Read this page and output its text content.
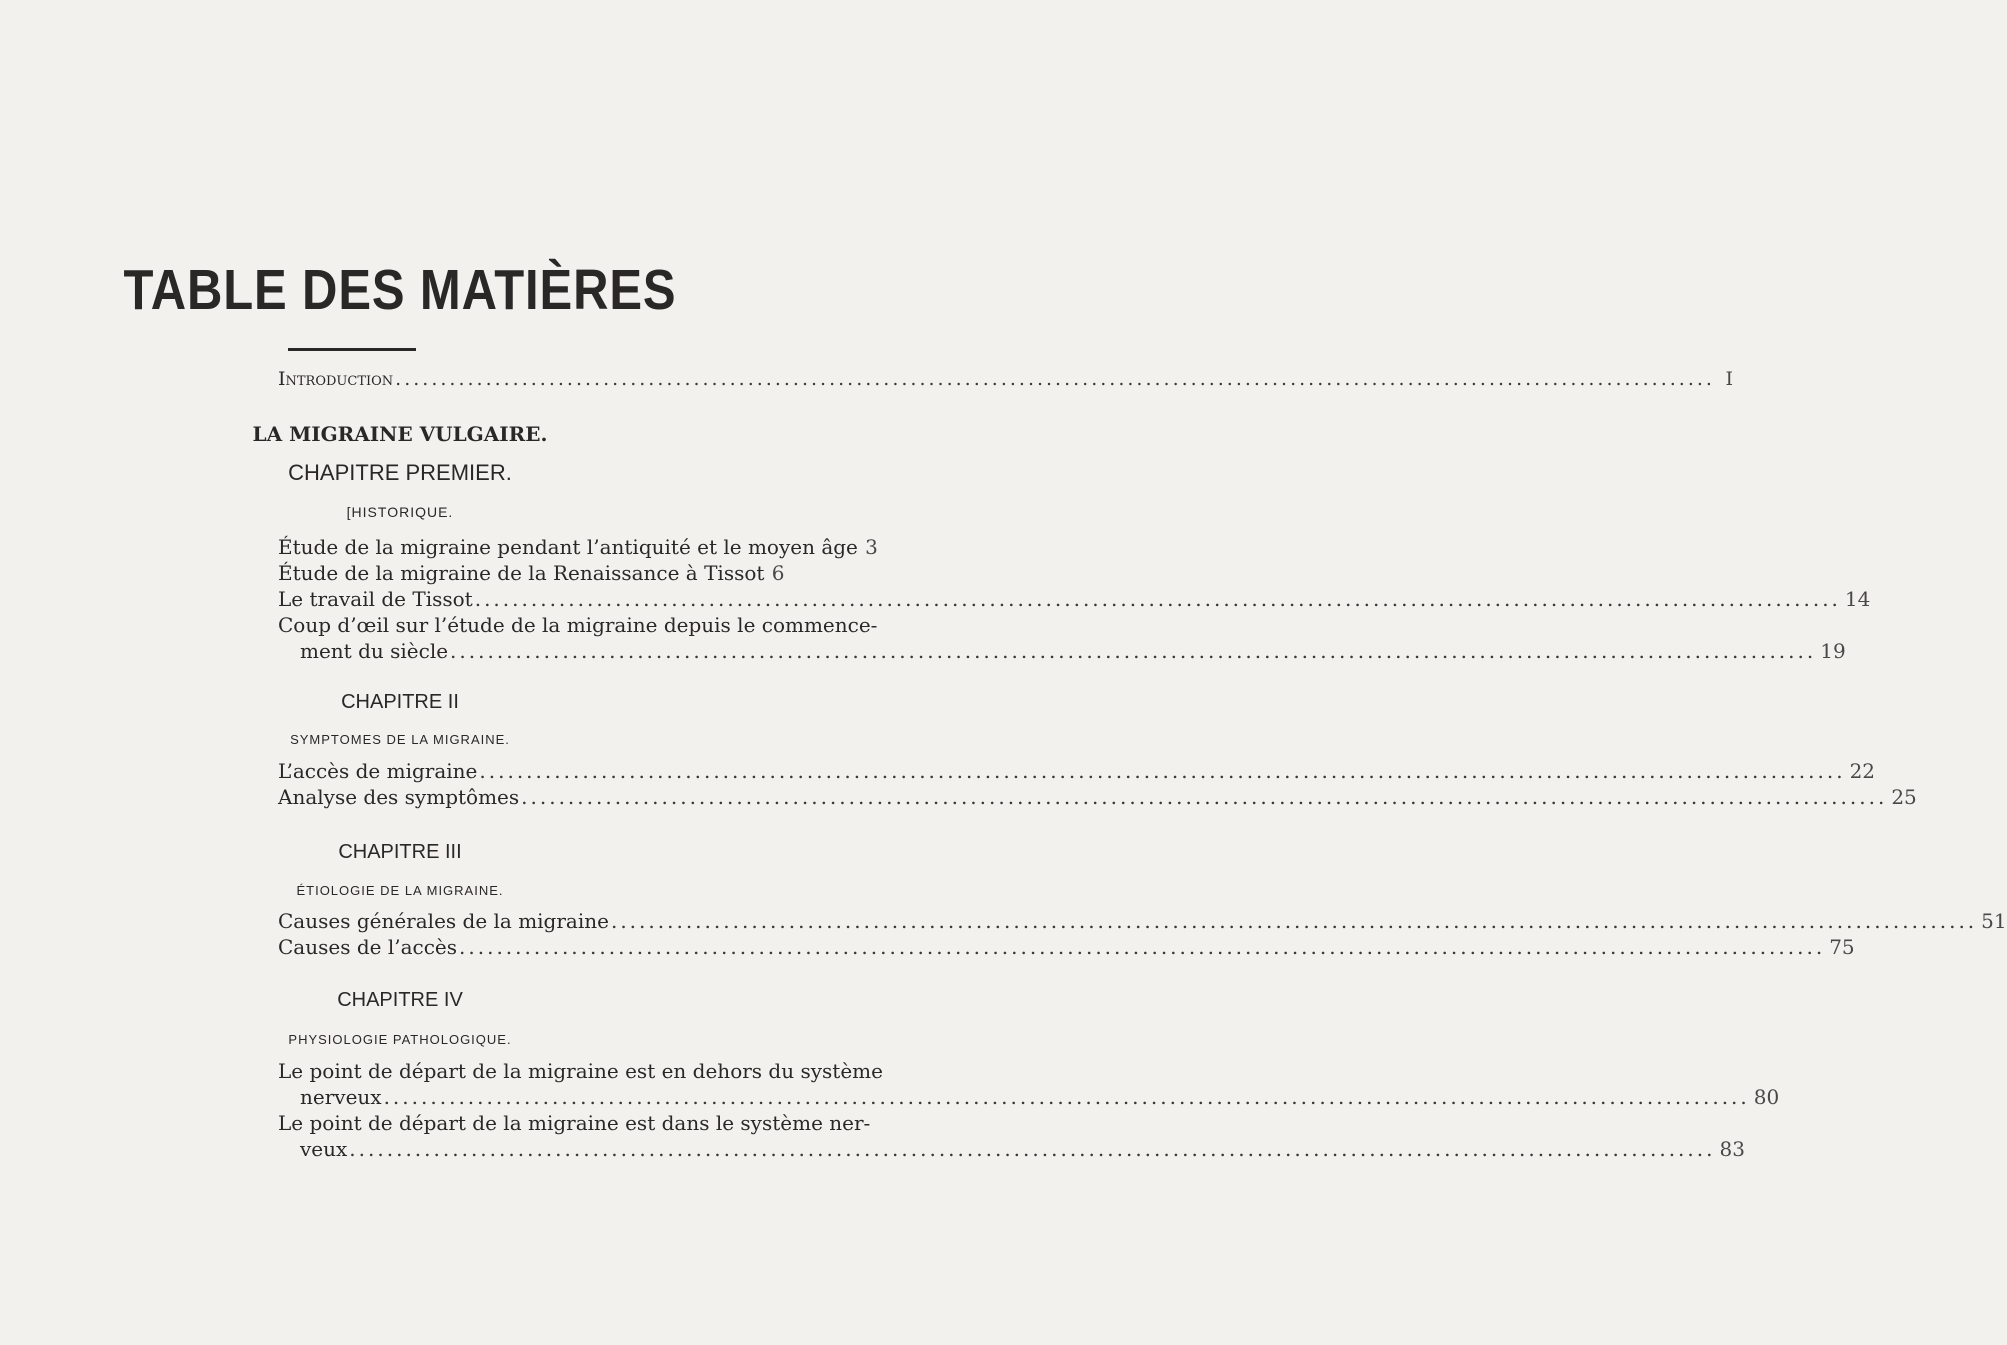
TABLE DES MATIÈRES
Introduction .....	I
LA MIGRAINE VULGAIRE.
CHAPITRE PREMIER.
[HISTORIQUE.
Étude de la migraine pendant l’antiquité et le moyen âge 3
Étude de la migraine de la Renaissance à Tissot 6
Le travail de Tissot .....	14
Coup d’œil sur l’étude de la migraine depuis le commence-
ment du siècle .....	19
CHAPITRE II
SYMPTOMES DE LA MIGRAINE.
L’accès de migraine .....	22
Analyse des symptômes .....	25
CHAPITRE III
ÉTIOLOGIE DE LA MIGRAINE.
Causes générales de la migraine .....	51
Causes de l’accès .....	75
CHAPITRE IV
PHYSIOLOGIE PATHOLOGIQUE.
Le point de départ de la migraine est en dehors du système
nerveux .....	80
Le point de départ de la migraine est dans le système ner-
veux .....	83
